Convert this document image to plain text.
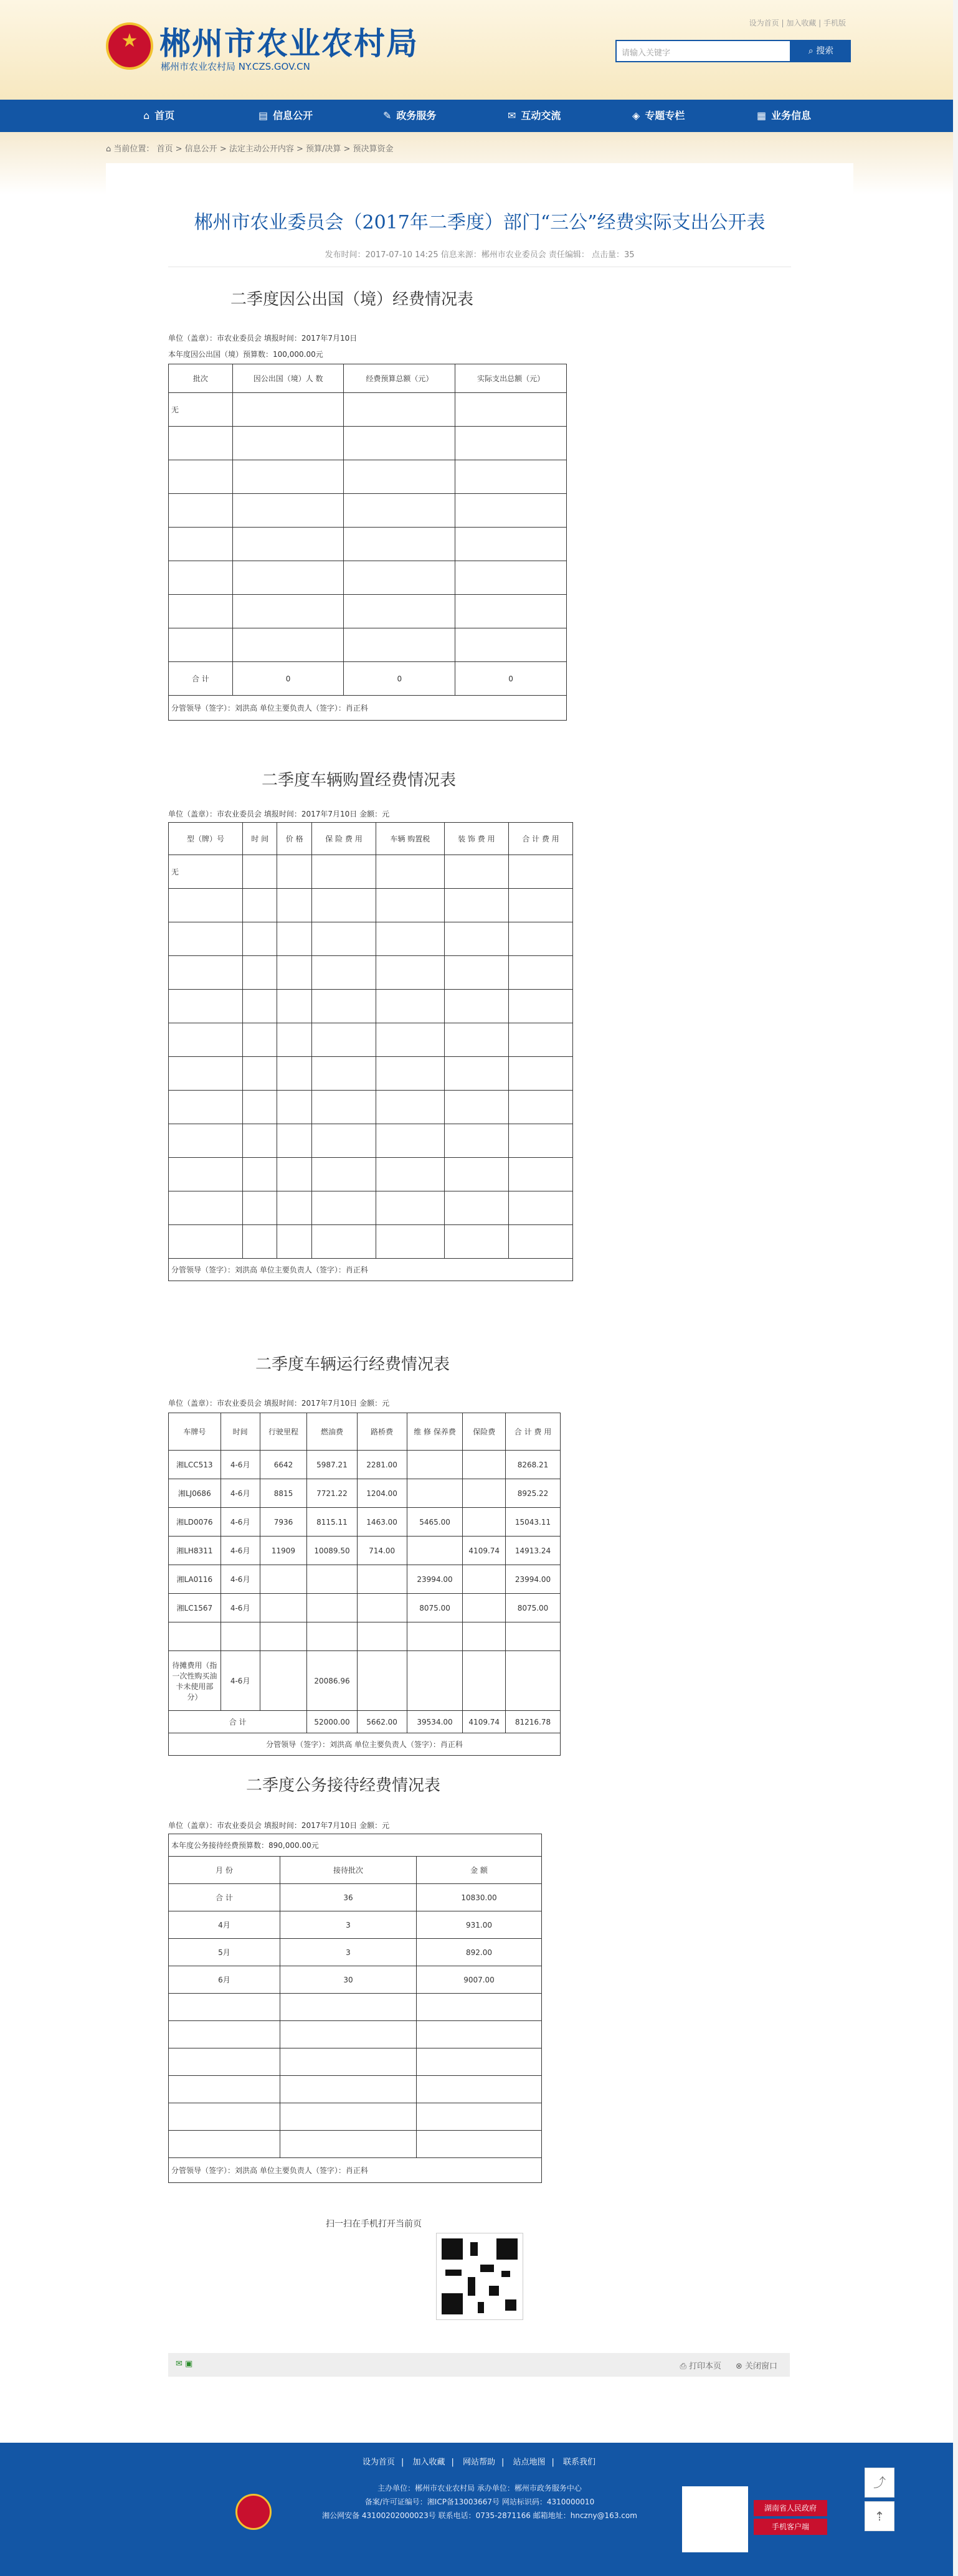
★ 郴州市农业农村局
郴州市农业农村局 NY.CZS.GOV.CN
设为首页 | 加入收藏 | 手机版
请输入关键字	⌕ 搜索
⌂ 首页	▤ 信息公开	✎ 政务服务	✉ 互动交流	◈ 专题专栏	▦ 业务信息
⌂ 当前位置： 首页 > 信息公开 > 法定主动公开内容 > 预算/决算 > 预决算资金
郴州市农业委员会（2017年二季度）部门“三公”经费实际支出公开表
发布时间：2017-07-10 14:25 信息来源：郴州市农业委员会 责任编辑： 点击量：35
二季度因公出国（境）经费情况表
单位（盖章）：市农业委员会 填报时间：2017年7月10日
本年度因公出国（境）预算数：100,000.00元
批次	因公出国（境）人 数	经费预算总额（元）	实际支出总额（元）
无			

合 计	0	0	0
分管领导（签字）：刘洪高 单位主要负责人（签字）：肖正科			
二季度车辆购置经费情况表
单位（盖章）：市农业委员会 填报时间：2017年7月10日 金额：元
型（牌）号	时 间	价 格	保 险 费 用	车辆 购置税	装 饰 费 用	合 计 费 用
无						

分管领导（签字）：刘洪高 单位主要负责人（签字）：肖正科						
二季度车辆运行经费情况表
单位（盖章）：市农业委员会 填报时间：2017年7月10日 金额：元
车牌号	时间	行驶里程	燃油费	路桥费	维 修 保养费	保险费	合 计 费 用
湘LCC513	4-6月	6642	5987.21	2281.00			8268.21
湘LJ0686	4-6月	8815	7721.22	1204.00			8925.22
湘LD0076	4-6月	7936	8115.11	1463.00	5465.00		15043.11
湘LH8311	4-6月	11909	10089.50	714.00		4109.74	14913.24
湘LA0116	4-6月				23994.00		23994.00
湘LC1567	4-6月				8075.00		8075.00

待摊费用（指一次性购买油卡未使用部分）	4-6月		20086.96				
合 计			52000.00	5662.00	39534.00	4109.74	81216.78
分管领导（签字）：刘洪高 单位主要负责人（签字）：肖正科							
二季度公务接待经费情况表
单位（盖章）：市农业委员会 填报时间：2017年7月10日 金额：元
本年度公务接待经费预算数：890,000.00元		
月 份	接待批次	金 额
合 计	36	10830.00
4月	3	931.00
5月	3	892.00
6月	30	9007.00

分管领导（签字）：刘洪高 单位主要负责人（签字）：肖正科		
扫一扫在手机打开当前页
✉ ▣	⎙ 打印本页 ⊗ 关闭窗口
设为首页 | 加入收藏 | 网站帮助 | 站点地图 | 联系我们
主办单位：郴州市农业农村局 承办单位：郴州市政务服务中心
备案/许可证编号：湘ICP备13003667号 网站标识码：4310000010
湘公网安备 43100202000023号 联系电话：0735-2871166 邮箱地址：hnczny@163.com
湖南省人民政府
手机客户端
⤴
⇡
